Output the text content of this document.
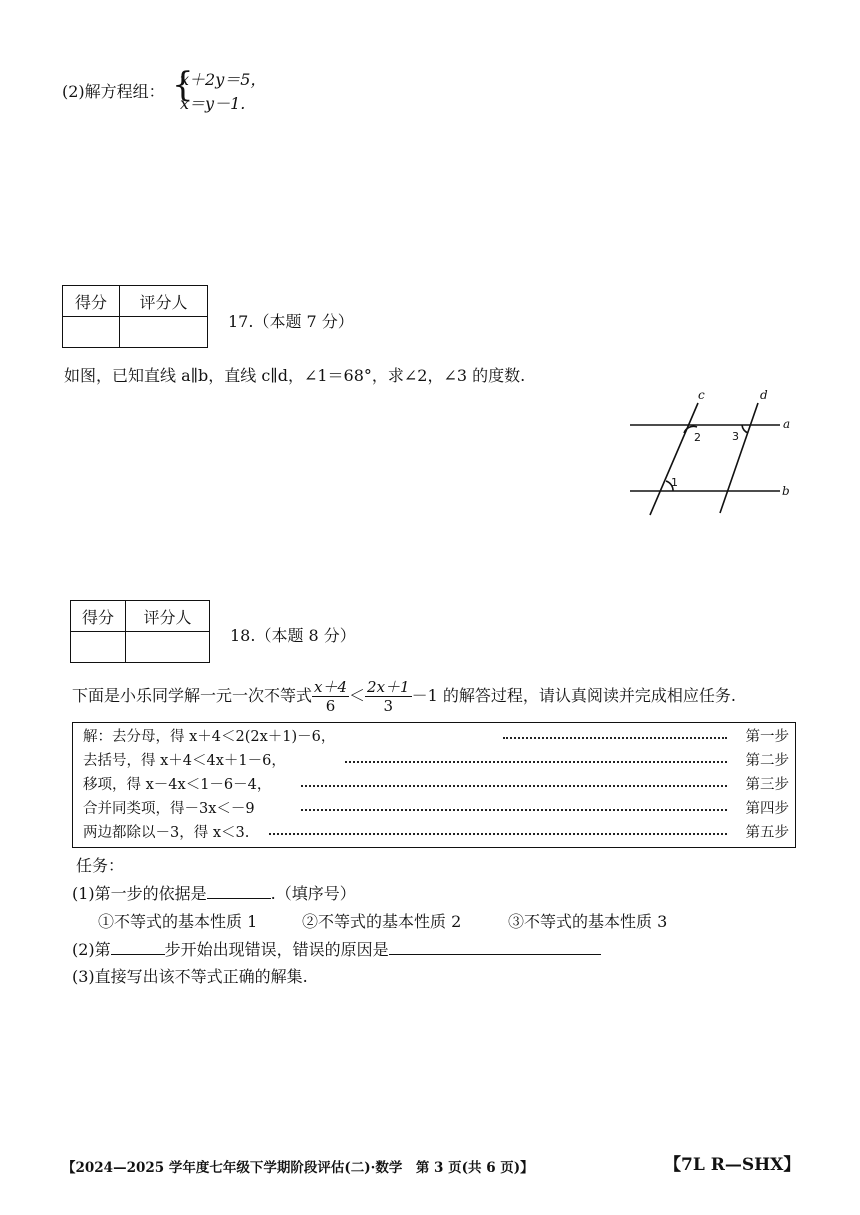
(2)解方程组： {
x＋2y＝5，
x＝y－1.
得分	评分人

17.（本题 7 分）
如图，已知直线 a∥b，直线 c∥d，∠1＝68°，求∠2，∠3 的度数.
c	d
a
b
1
2	3
得分	评分人

18.（本题 8 分）
下面是小乐同学解一元一次不等式 $\frac{x+4}{6} < \frac{2x+1}{3} -1$ 的解答过程，请认真阅读并完成相应任务.
解：去分母，得 x＋4＜2(2x＋1)－6，	第一步
去括号，得 x＋4＜4x＋1－6，	第二步
移项，得 x－4x＜1－6－4，	第三步
合并同类项，得－3x＜－9	第四步
两边都除以－3，得 x＜3.	第五步
任务：
(1)第一步的依据是	.（填序号）
①不等式的基本性质 1	②不等式的基本性质 2	③不等式的基本性质 3
(2)第	步开始出现错误，错误的原因是
(3)直接写出该不等式正确的解集.
【2024—2025 学年度七年级下学期阶段评估(二)·数学　第 3 页(共 6 页)】	【7L R—SHX】
